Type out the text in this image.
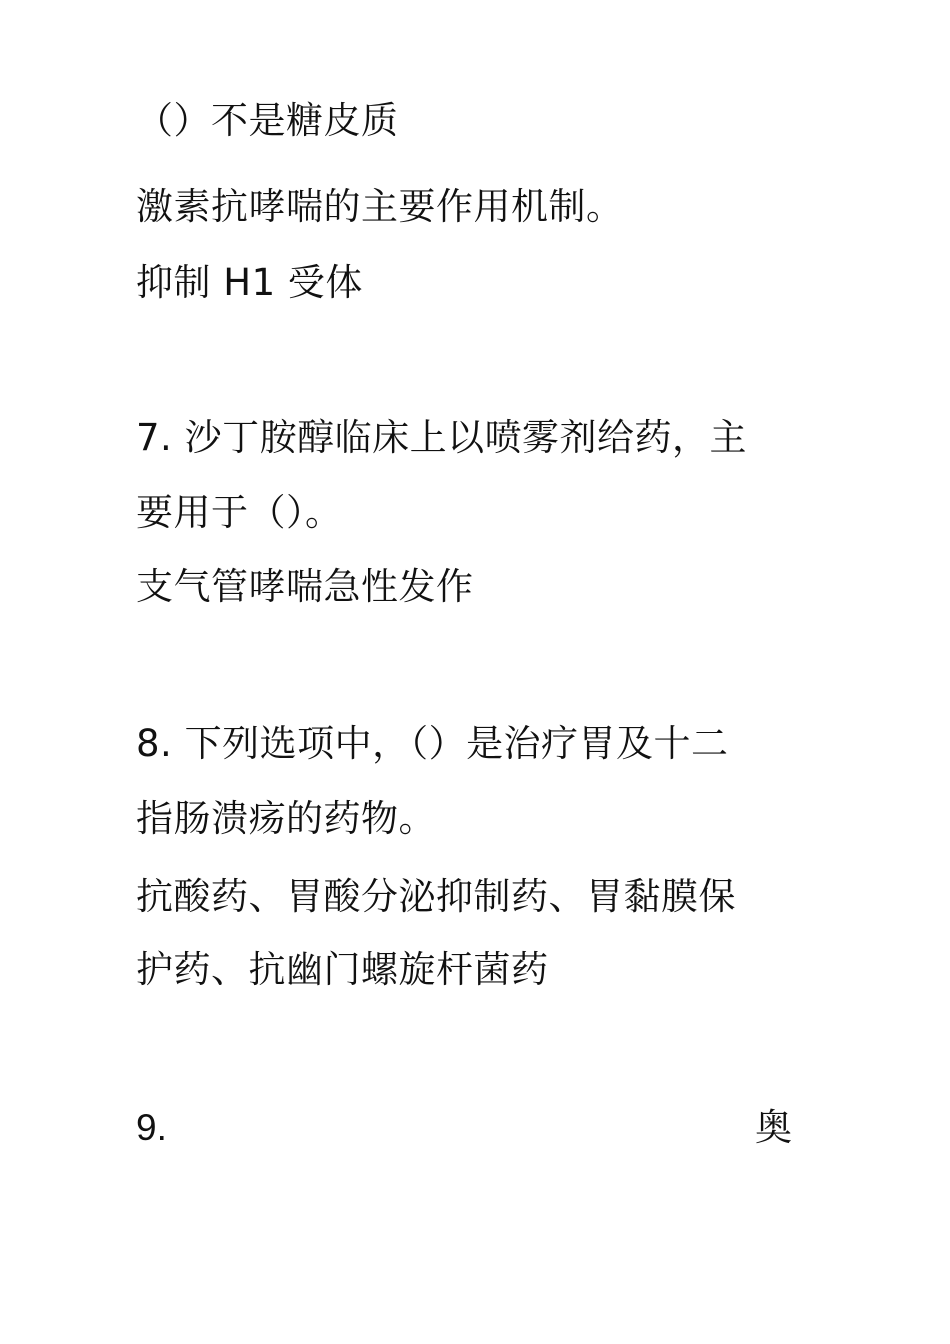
（）不是糖皮质
激素抗哮喘的主要作用机制。
抑制 H1 受体
7. 沙丁胺醇临床上以喷雾剂给药，主
要用于（）。
支气管哮喘急性发作
8. 下列选项中，（）是治疗胃及十二
指肠溃疡的药物。
抗酸药、胃酸分泌抑制药、胃黏膜保
护药、抗幽门螺旋杆菌药
9.	奥
